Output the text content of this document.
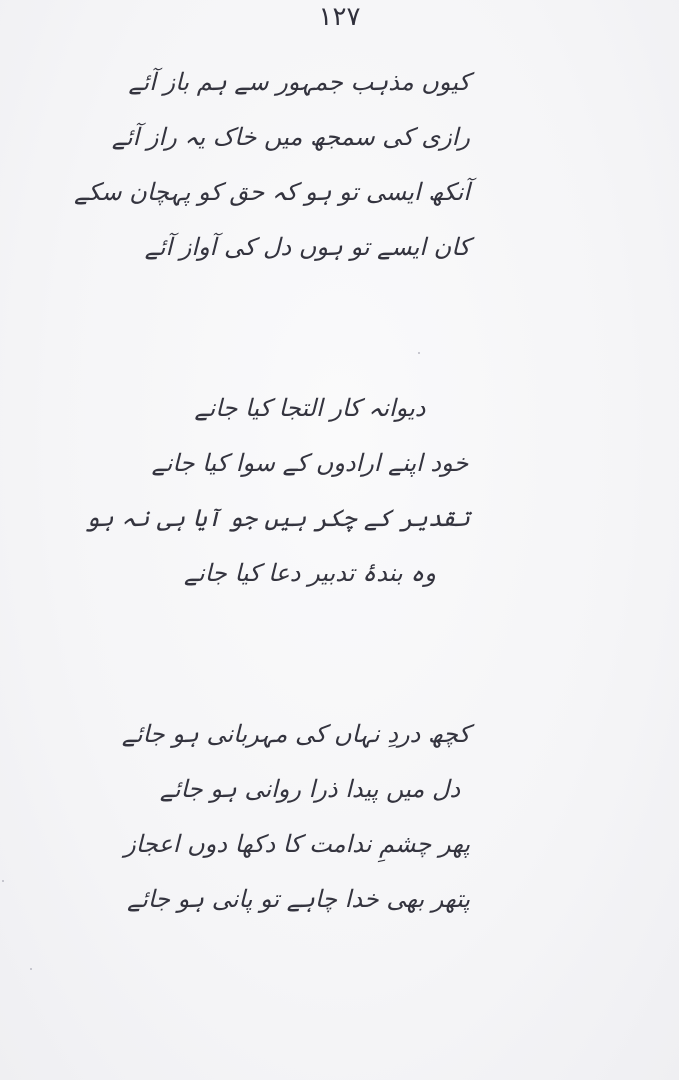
۱۲۷
کیوں مذہب جمہور سے ہم باز آئے
رازی کی سمجھ میں خاک یہ راز آئے
آنکھ ایسی تو ہو کہ حق کو پہچان سکے
کان ایسے تو ہوں دل کی آواز آئے
دیوانہ کار التجا کیا جانے
خود اپنے ارادوں کے سوا کیا جانے
تقدیر کے چکر ہیں جو آیا ہی نہ ہو
وہ بندۂ تدبیر دعا کیا جانے
کچھ دردِ نہاں کی مہربانی ہو جائے
دل میں پیدا ذرا روانی ہو جائے
پھر چشمِ ندامت کا دکھا دوں اعجاز
پتھر بھی خدا چاہے تو پانی ہو جائے
